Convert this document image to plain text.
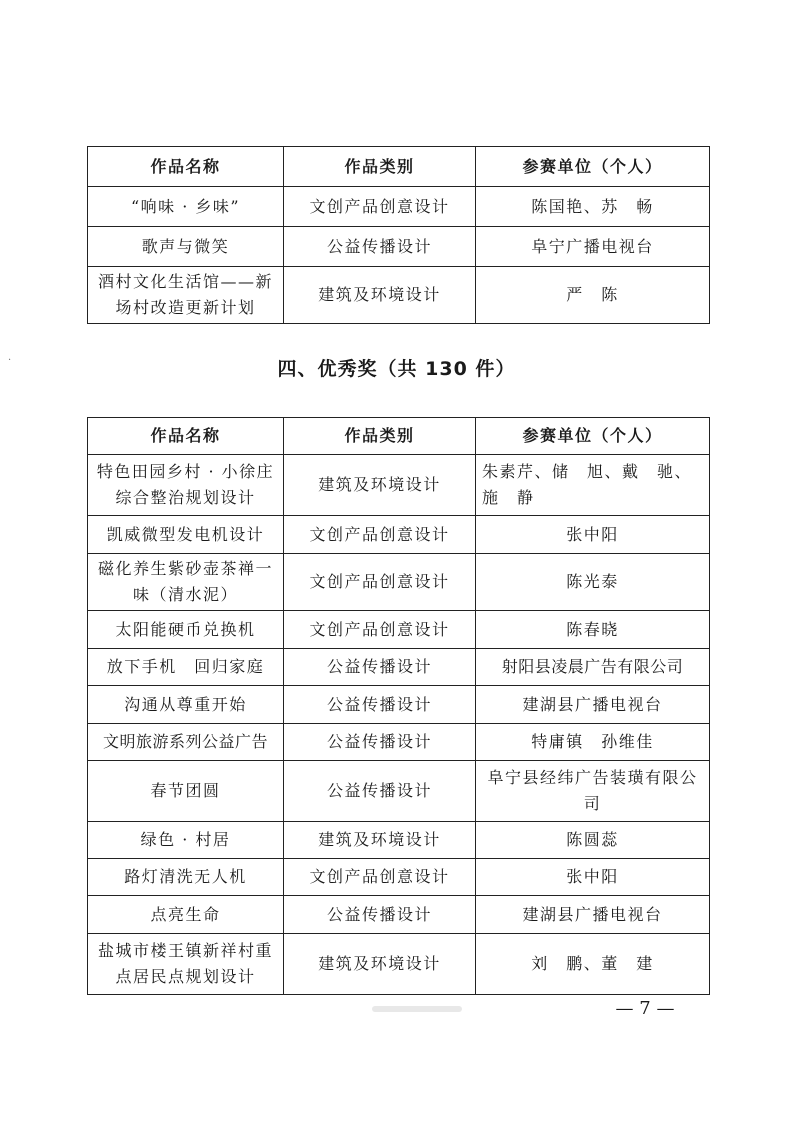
·
作品名称	作品类别	参赛单位（个人）
“响味 · 乡味”	文创产品创意设计	陈国艳、苏　畅
歌声与微笑	公益传播设计	阜宁广播电视台
酒村文化生活馆——新场村改造更新计划	建筑及环境设计	严　陈
四、优秀奖（共 130 件）
作品名称	作品类别	参赛单位（个人）
特色田园乡村 · 小徐庄综合整治规划设计	建筑及环境设计	朱素芹、储　旭、戴　驰、施　静
凯威微型发电机设计	文创产品创意设计	张中阳
磁化养生紫砂壶茶禅一味（清水泥）	文创产品创意设计	陈光泰
太阳能硬币兑换机	文创产品创意设计	陈春晓
放下手机　回归家庭	公益传播设计	射阳县凌晨广告有限公司
沟通从尊重开始	公益传播设计	建湖县广播电视台
文明旅游系列公益广告	公益传播设计	特庸镇　孙维佳
春节团圆	公益传播设计	阜宁县经纬广告装璜有限公司
绿色 · 村居	建筑及环境设计	陈圆蕊
路灯清洗无人机	文创产品创意设计	张中阳
点亮生命	公益传播设计	建湖县广播电视台
盐城市楼王镇新祥村重点居民点规划设计	建筑及环境设计	刘　鹏、董　建
— 7 —
